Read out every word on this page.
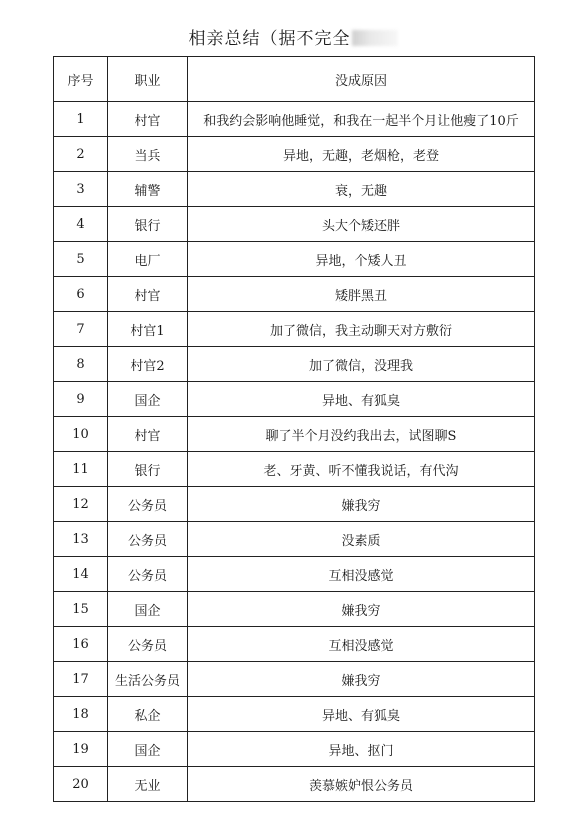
相亲总结（据不完全
序号	职业	没成原因
1	村官	和我约会影响他睡觉，和我在一起半个月让他瘦了10斤
2	当兵	异地，无趣，老烟枪，老登
3	辅警	衰，无趣
4	银行	头大个矮还胖
5	电厂	异地，个矮人丑
6	村官	矮胖黑丑
7	村官1	加了微信，我主动聊天对方敷衍
8	村官2	加了微信，没理我
9	国企	异地、有狐臭
10	村官	聊了半个月没约我出去，试图聊S
11	银行	老、牙黄、听不懂我说话，有代沟
12	公务员	嫌我穷
13	公务员	没素质
14	公务员	互相没感觉
15	国企	嫌我穷
16	公务员	互相没感觉
17	生活公务员	嫌我穷
18	私企	异地、有狐臭
19	国企	异地、抠门
20	无业	羡慕嫉妒恨公务员
